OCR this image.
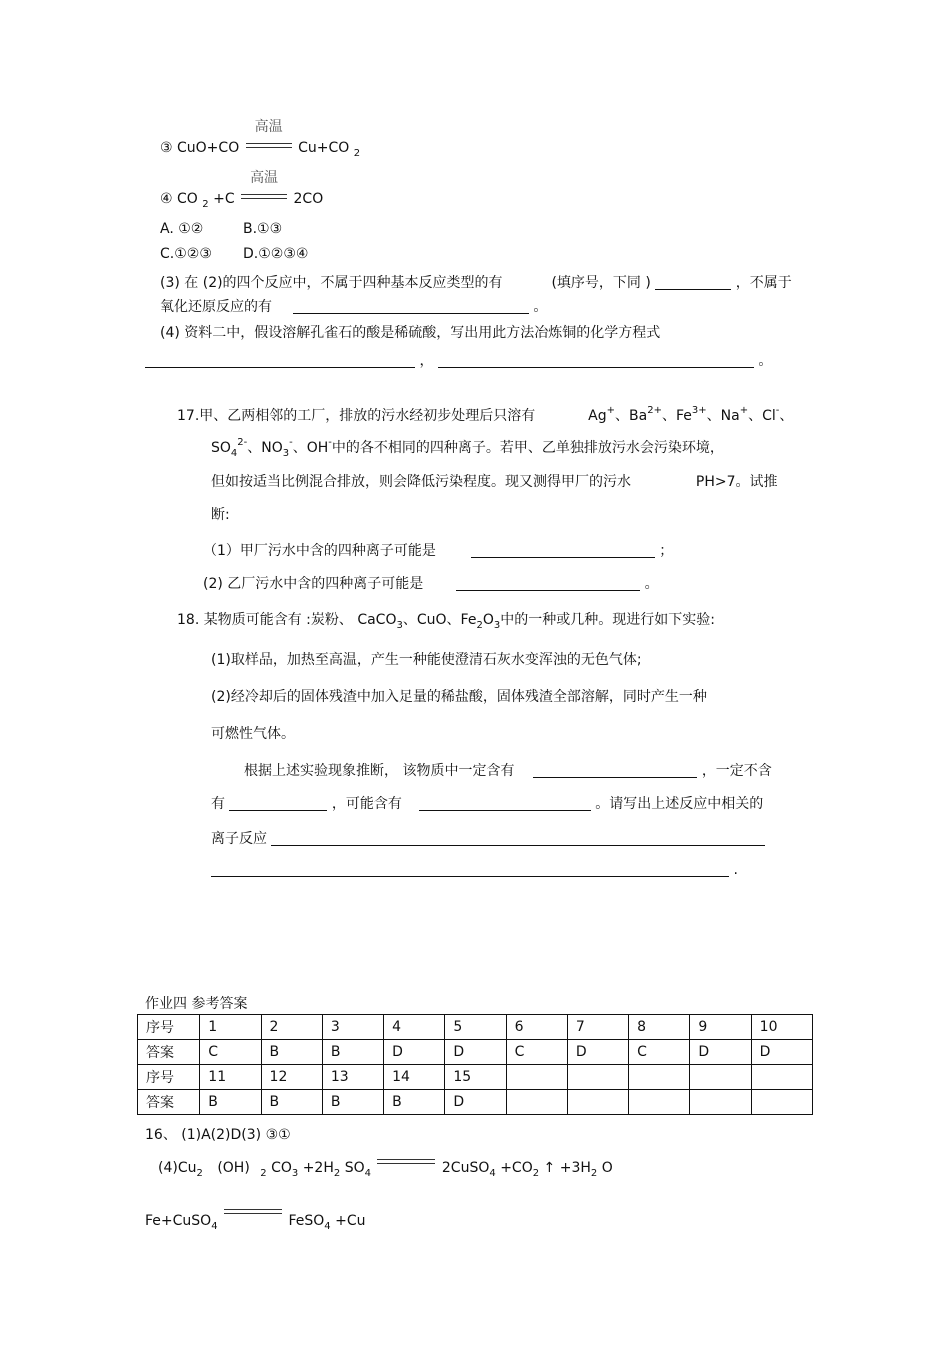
③ CuO+CO
高温
Cu+CO $_2$
④ CO $_2$ +C
高温
2CO
A. ①②	B.①③
C.①②③ D.①②③④
(3) 在 (2)的四个反应中，不属于四种基本反应类型的有	(填序号，下同 )	，不属于
氧化还原反应的有	。
(4) 资料二中，假设溶解孔雀石的酸是稀硫酸，写出用此方法冶炼铜的化学方程式
，	。
17.甲、乙两相邻的工厂，排放的污水经初步处理后只溶有	Ag+、$Ba^{2+}$、$Fe^{3+}$、Na+、Cl-、
$SO_4^{2-}$、$NO_3^-$、OH-中的各不相同的四种离子。若甲、乙单独排放污水会污染环境，
但如按适当比例混合排放，则会降低污染程度。现又测得甲厂的污水	PH>7。试推
断:
（1）甲厂污水中含的四种离子可能是	；
(2) 乙厂污水中含的四种离子可能是	。
18. 某物质可能含有 :炭粉、 CaCO$_3$、CuO、$Fe_2O_3$中的一种或几种。现进行如下实验:
(1)取样品，加热至高温，产生一种能使澄清石灰水变浑浊的无色气体;
(2)经冷却后的固体残渣中加入足量的稀盐酸，固体残渣全部溶解，同时产生一种
可燃性气体。
根据上述实验现象推断， 该物质中一定含有	，一定不含
有	，可能含有	。请写出上述反应中相关的
离子反应
.
作业四 参考答案
序号	1	2	3	4	5	6	7	8	9	10
答案	C	B	B	D	D	C	D	C	D	D
序号	11	12	13	14	15					
答案	B	B	B	B	D					
16、 (1)A(2)D(3) ③①
$(4)Cu_2$ (OH) $_2$ $CO_3 +2H_2$ $SO_4$	2CuSO$_4$ $+CO_2$ ↑ $+3H_2$ O
Fe+CuSO$_4$	FeSO$_4$ +Cu
